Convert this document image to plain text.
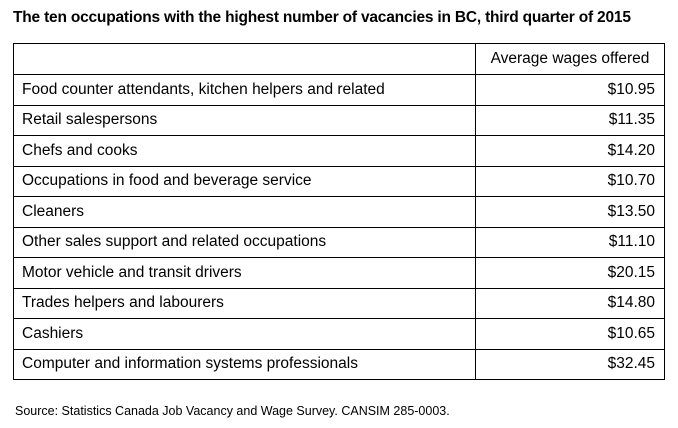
The ten occupations with the highest number of vacancies in BC, third quarter of 2015
	Average wages offered
Food counter attendants, kitchen helpers and related	$10.95
Retail salespersons	$11.35
Chefs and cooks	$14.20
Occupations in food and beverage service	$10.70
Cleaners	$13.50
Other sales support and related occupations	$11.10
Motor vehicle and transit drivers	$20.15
Trades helpers and labourers	$14.80
Cashiers	$10.65
Computer and information systems professionals	$32.45
Source: Statistics Canada Job Vacancy and Wage Survey. CANSIM 285-0003.
